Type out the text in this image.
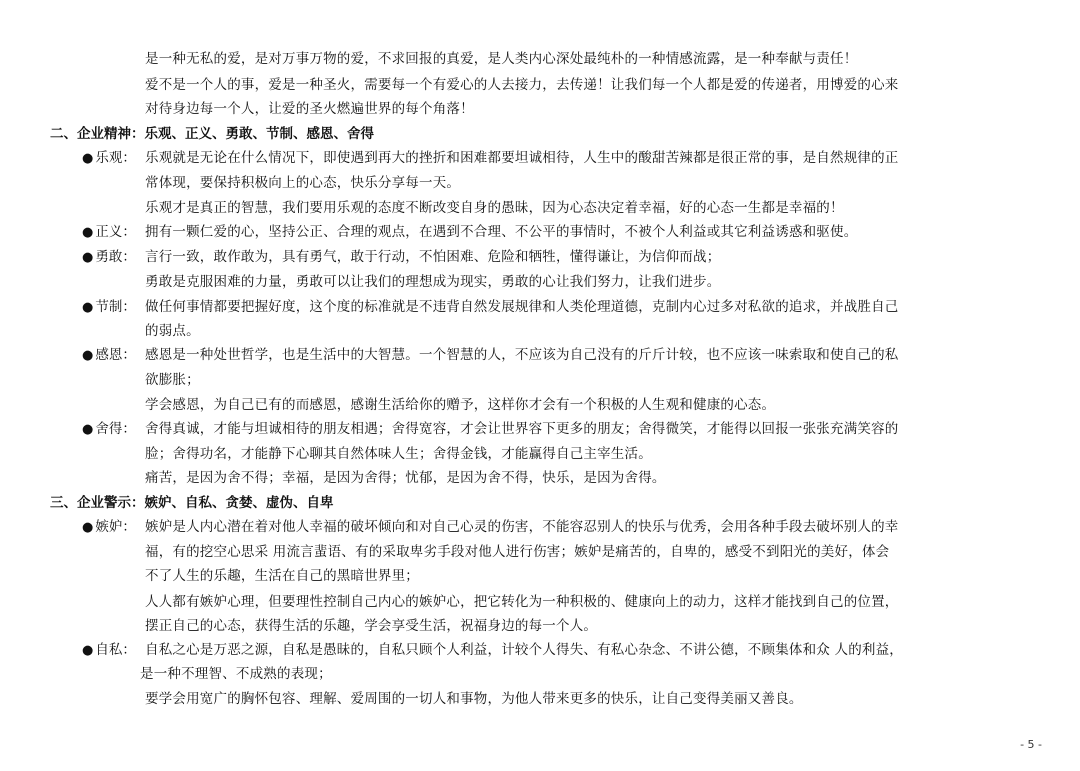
是一种无私的爱，是对万事万物的爱，不求回报的真爱，是人类内心深处最纯朴的一种情感流露，是一种奉献与责任！
爱不是一个人的事，爱是一种圣火，需要每一个有爱心的人去接力，去传递！让我们每一个人都是爱的传递者，用博爱的心来
对待身边每一个人，让爱的圣火燃遍世界的每个角落！
二、企业精神：乐观、正义、勇敢、节制、感恩、舍得
● 乐观： 乐观就是无论在什么情况下，即使遇到再大的挫折和困难都要坦诚相待，人生中的酸甜苦辣都是很正常的事，是自然规律的正
常体现，要保持积极向上的心态，快乐分享每一天。
乐观才是真正的智慧，我们要用乐观的态度不断改变自身的愚昧，因为心态决定着幸福，好的心态一生都是幸福的！
● 正义： 拥有一颗仁爱的心，坚持公正、合理的观点，在遇到不合理、不公平的事情时，不被个人利益或其它利益诱惑和驱使。
● 勇敢： 言行一致，敢作敢为，具有勇气，敢于行动，不怕困难、危险和牺牲，懂得谦让，为信仰而战；
勇敢是克服困难的力量，勇敢可以让我们的理想成为现实，勇敢的心让我们努力，让我们进步。
● 节制： 做任何事情都要把握好度，这个度的标准就是不违背自然发展规律和人类伦理道德，克制内心过多对私欲的追求，并战胜自己
的弱点。
● 感恩： 感恩是一种处世哲学，也是生活中的大智慧。一个智慧的人，不应该为自己没有的斤斤计较，也不应该一味索取和使自己的私
欲膨胀；
学会感恩，为自己已有的而感恩，感谢生活给你的赠予，这样你才会有一个积极的人生观和健康的心态。
● 舍得： 舍得真诚，才能与坦诚相待的朋友相遇；舍得宽容，才会让世界容下更多的朋友；舍得微笑，才能得以回报一张张充满笑容的
脸；舍得功名，才能静下心聊其自然体味人生；舍得金钱，才能赢得自己主宰生活。
痛苦，是因为舍不得；幸福，是因为舍得；忧郁，是因为舍不得，快乐，是因为舍得。
三、企业警示：嫉妒、自私、贪婪、虚伪、自卑
● 嫉妒： 嫉妒是人内心潜在着对他人幸福的破坏倾向和对自己心灵的伤害，不能容忍别人的快乐与优秀，会用各种手段去破坏别人的幸
福，有的挖空心思采 用流言蜚语、有的采取卑劣手段对他人进行伤害；嫉妒是痛苦的，自卑的，感受不到阳光的美好，体会
不了人生的乐趣，生活在自己的黑暗世界里；
人人都有嫉妒心理，但要理性控制自己内心的嫉妒心，把它转化为一种积极的、健康向上的动力，这样才能找到自己的位置，
摆正自己的心态，获得生活的乐趣，学会享受生活，祝福身边的每一个人。
● 自私： 自私之心是万恶之源，自私是愚昧的，自私只顾个人利益，计较个人得失、有私心杂念、不讲公德，不顾集体和众 人的利益，
是一种不理智、不成熟的表现；
要学会用宽广的胸怀包容、理解、爱周围的一切人和事物，为他人带来更多的快乐，让自己变得美丽又善良。
- 5 -
